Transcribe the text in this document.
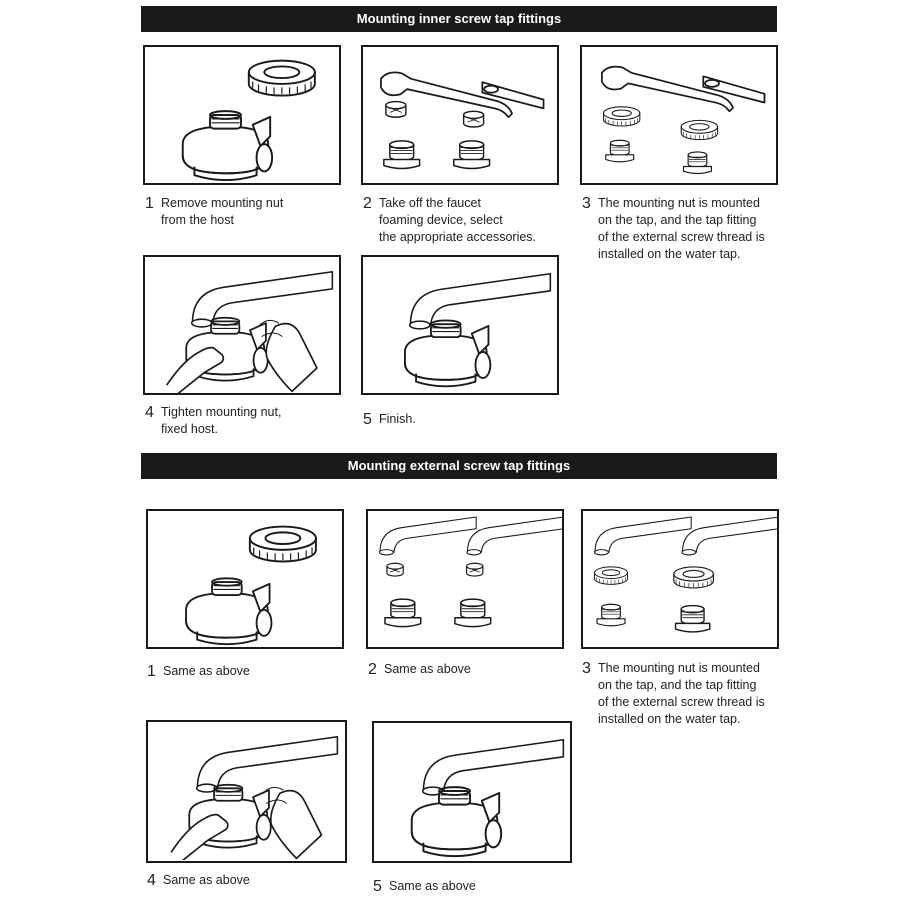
Mounting inner screw tap fittings
1 Remove mounting nut
from the host
2 Take off the faucet
foaming device, select
the appropriate accessories.
3 The mounting nut is mounted
on the tap, and the tap fitting
of the external screw thread is
installed on the water tap.
4 Tighten mounting nut,
fixed host.
5 Finish.
Mounting external screw tap fittings
1 Same as above	2 Same as above	3 The mounting nut is mounted
on the tap, and the tap fitting
of the external screw thread is
installed on the water tap.
4 Same as above	5 Same as above
